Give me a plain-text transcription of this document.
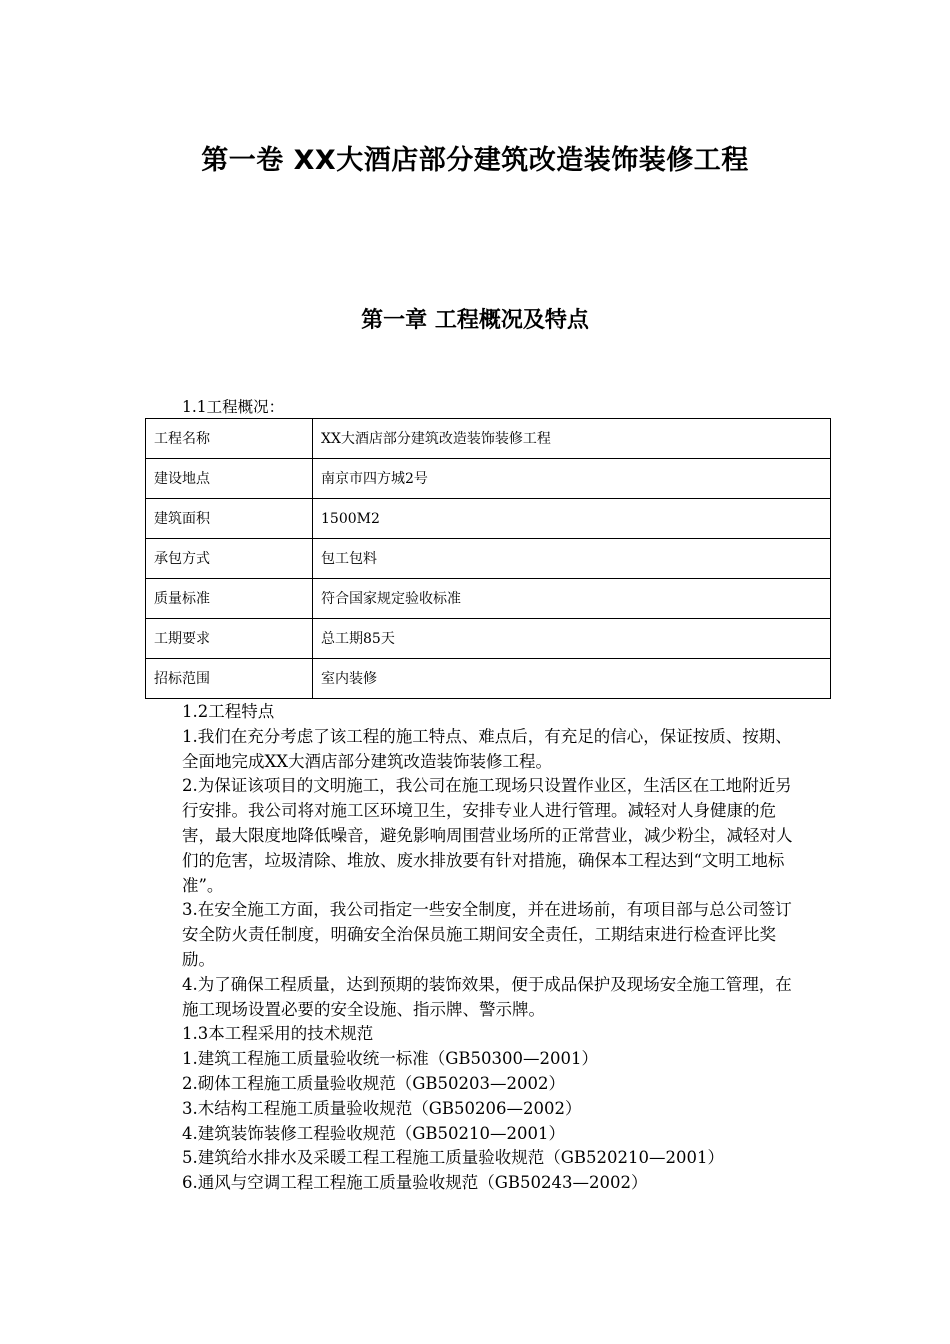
第一卷 XX大酒店部分建筑改造装饰装修工程
第一章 工程概况及特点
1.1工程概况：
工程名称	XX大酒店部分建筑改造装饰装修工程
建设地点	南京市四方城2号
建筑面积	1500M2
承包方式	包工包料
质量标准	符合国家规定验收标准
工期要求	总工期85天
招标范围	室内装修

1.2工程特点

1.我们在充分考虑了该工程的施工特点、难点后，有充足的信心，保证按质、按期、全面地完成XX大酒店部分建筑改造装饰装修工程。

2.为保证该项目的文明施工，我公司在施工现场只设置作业区，生活区在工地附近另行安排。我公司将对施工区环境卫生，安排专业人进行管理。减轻对人身健康的危害，最大限度地降低噪音，避免影响周围营业场所的正常营业，减少粉尘，减轻对人们的危害，垃圾清除、堆放、废水排放要有针对措施，确保本工程达到“文明工地标准”。

3.在安全施工方面，我公司指定一些安全制度，并在进场前，有项目部与总公司签订安全防火责任制度，明确安全治保员施工期间安全责任，工期结束进行检查评比奖励。

4.为了确保工程质量，达到预期的装饰效果，便于成品保护及现场安全施工管理，在施工现场设置必要的安全设施、指示牌、警示牌。

1.3本工程采用的技术规范

1.建筑工程施工质量验收统一标准（GB50300—2001）

2.砌体工程施工质量验收规范（GB50203—2002）

3.木结构工程施工质量验收规范（GB50206—2002）

4.建筑装饰装修工程验收规范（GB50210—2001）

5.建筑给水排水及采暖工程工程施工质量验收规范（GB520210—2001）

6.通风与空调工程工程施工质量验收规范（GB50243—2002）
